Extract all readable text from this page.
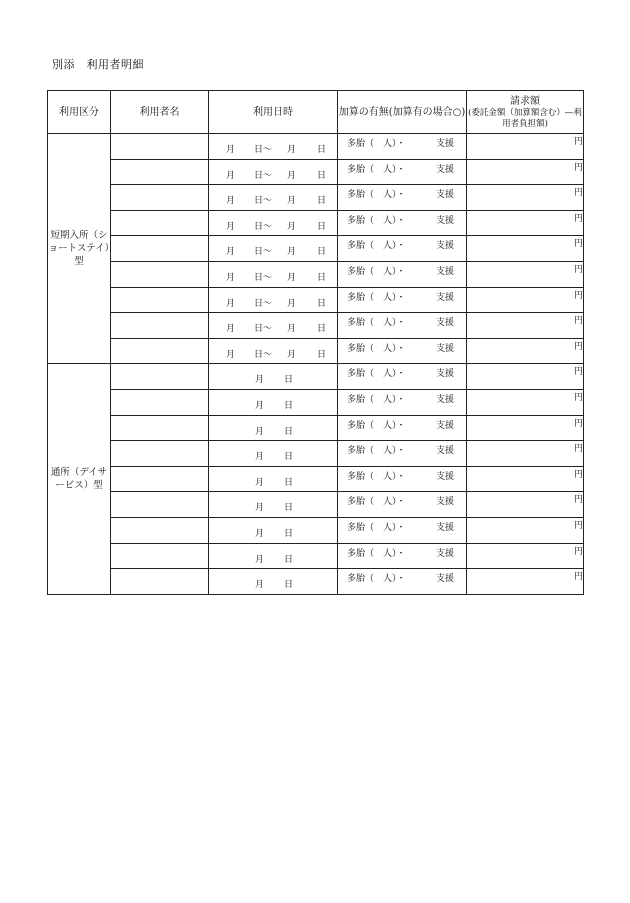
別添　利用者明細
利用区分	利用者名	利用日時	加算の有無(加算有の場合○)	請求額
(委託金額（加算額含む）―利用者負担額)

短期入所（ショートステイ）型		月 日〜 月 日	多胎（　人）・ 支援	円

		月 日〜 月 日	多胎（　人）・ 支援	円

		月 日〜 月 日	多胎（　人）・ 支援	円

		月 日〜 月 日	多胎（　人）・ 支援	円

		月 日〜 月 日	多胎（　人）・ 支援	円

		月 日〜 月 日	多胎（　人）・ 支援	円

		月 日〜 月 日	多胎（　人）・ 支援	円

		月 日〜 月 日	多胎（　人）・ 支援	円

		月 日〜 月 日	多胎（　人）・ 支援	円
通所（デイサービス）型		月 日	多胎（　人）・ 支援	円

		月 日	多胎（　人）・ 支援	円

		月 日	多胎（　人）・ 支援	円

		月 日	多胎（　人）・ 支援	円

		月 日	多胎（　人）・ 支援	円

		月 日	多胎（　人）・ 支援	円

		月 日	多胎（　人）・ 支援	円

		月 日	多胎（　人）・ 支援	円

		月 日	多胎（　人）・ 支援	円
